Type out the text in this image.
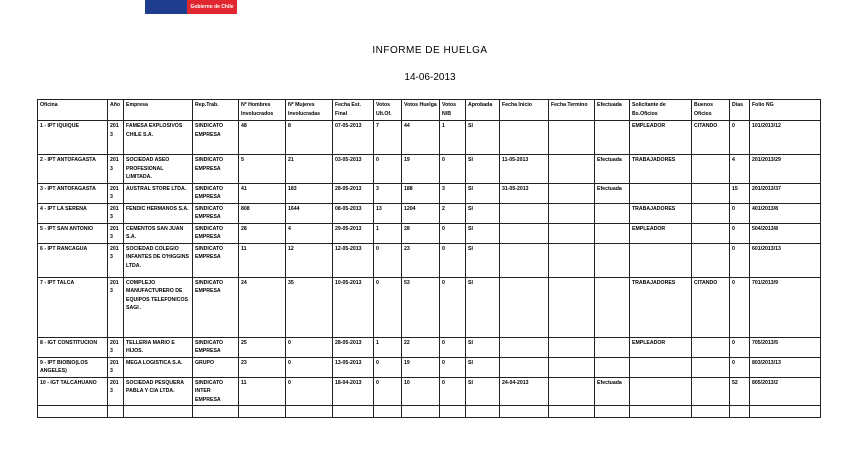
Gobierno de Chile
INFORME DE HUELGA
14-06-2013
Oficina	Año	Empresa	Rep.Trab.	Nº Hombres Involucrados	Nº Mujeres Involucradas	Fecha Est. Final	Votos Ult.Of.	Votos Huelga	Votos N/B	Aprobada	Fecha Inicio	Fecha Termino	Efectuada	Solicitante de Bs.Oficios	Buenos Oficios	Días	Folio NG
1 - IPT IQUIQUE	2013	FAMESA EXPLOSIVOS CHILE S.A.	SINDICATO EMPRESA	48	8	07-05-2013	7	44	1	SI				EMPLEADOR	CITANDO	0	101/2013/12
2 - IPT ANTOFAGASTA	2013	SOCIEDAD ASEO PROFESIONAL LIMITADA.	SINDICATO EMPRESA	5	21	03-05-2013	0	19	0	SI	11-05-2013		Efectuada	TRABAJADORES		4	201/2013/29
3 - IPT ANTOFAGASTA	2013	AUSTRAL STORE LTDA.	SINDICATO EMPRESA	41	183	28-05-2013	3	188	3	SI	31-05-2013		Efectuada			15	201/2013/37
4 - IPT LA SERENA	2013	FENDIC HERMANOS S.A.	SINDICATO EMPRESA	808	1644	08-05-2013	13	1204	2	SI				TRABAJADORES		0	401/2013/8
5 - IPT SAN ANTONIO	2013	CEMENTOS SAN JUAN S.A.	SINDICATO EMPRESA	28	4	29-05-2013	1	28	0	SI				EMPLEADOR		0	504/2013/8
6 - IPT RANCAGUA	2013	SOCIEDAD COLEGIO INFANTES DE O'HIGGINS LTDA.	SINDICATO EMPRESA	11	12	12-05-2013	0	23	0	SI						0	601/2013/13
7 - IPT TALCA	2013	COMPLEJO MANUFACTURERO DE EQUIPOS TELEFONICOS SAGI .	SINDICATO EMPRESA	24	35	10-05-2013	0	53	0	SI				TRABAJADORES	CITANDO	0	701/2013/9
8 - IGT CONSTITUCION	2013	TELLERIA MARIO E HIJOS.	SINDICATO EMPRESA	25	0	28-05-2013	1	22	0	SI				EMPLEADOR		0	705/2013/5
9 - IPT BIOBIO(LOS ANGELES)	2013	MEGA LOGISTICA S.A.	GRUPO	23	0	13-05-2013	0	19	0	SI						0	803/2013/13
10 - IGT TALCAHUANO	2013	SOCIEDAD PESQUERA PABLA Y CIA LTDA.	SINDICATO INTER EMPRESA	11	0	18-04-2013	0	10	0	SI	24-04-2013		Efectuada			52	805/2013/2
